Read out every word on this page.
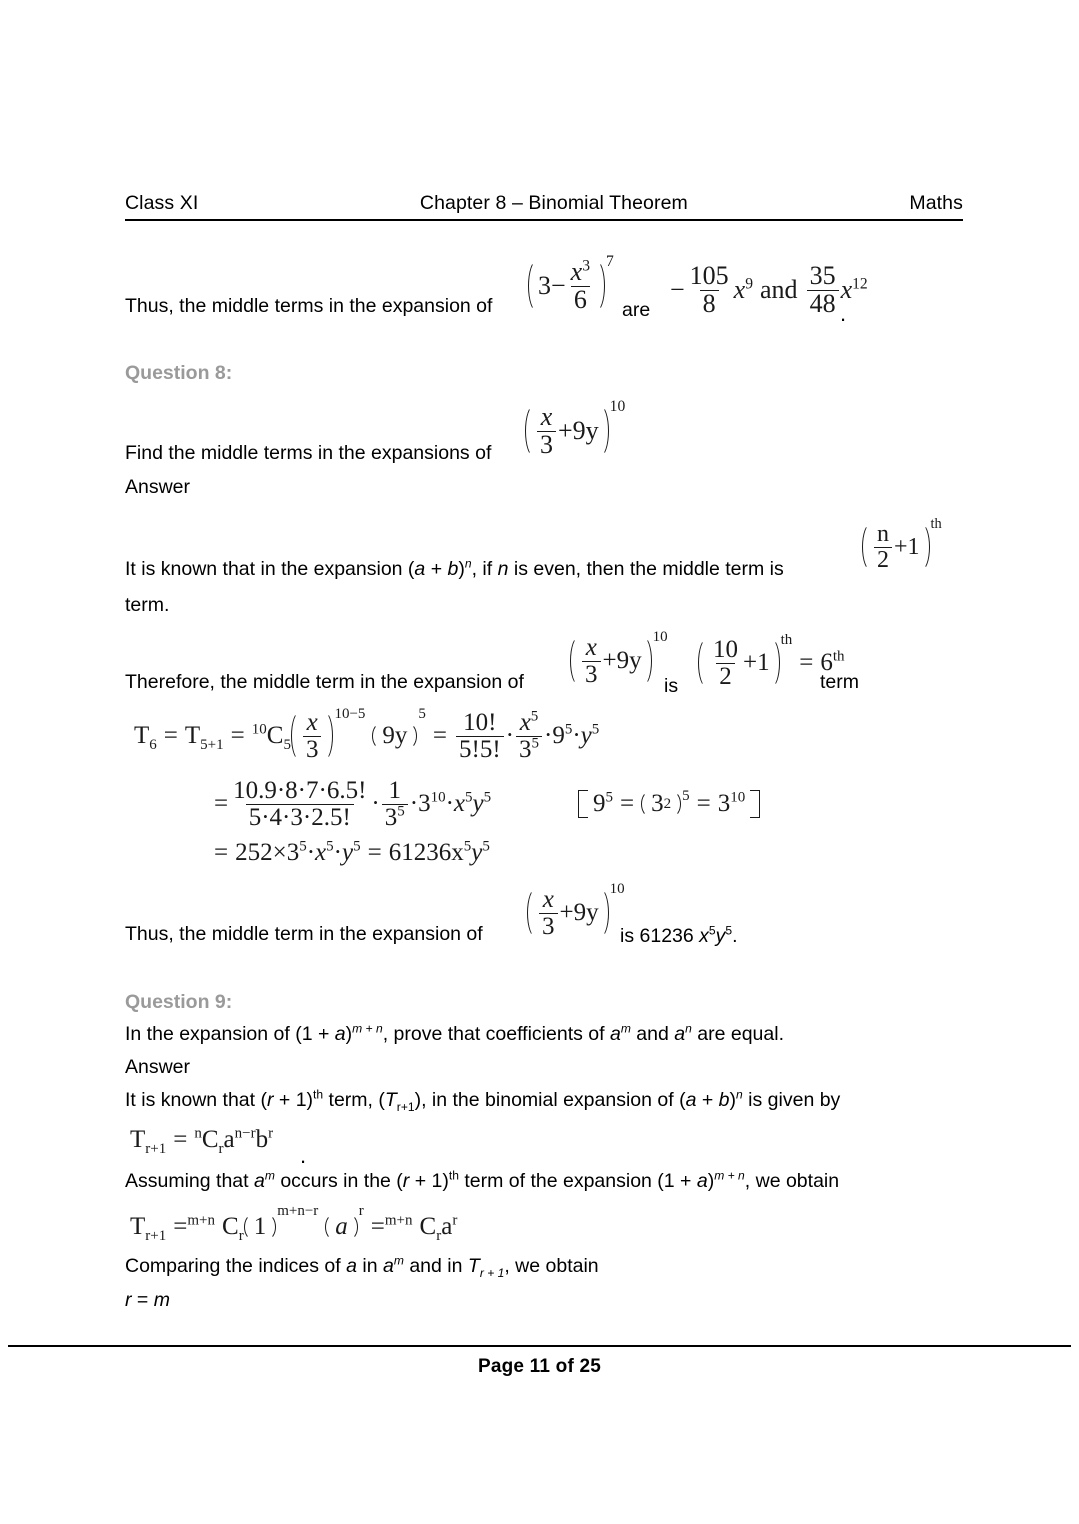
Class XI	Chapter 8 – Binomial Theorem	Maths
Thus, the middle terms in the expansion of
$3 - \frac{x^3}{6} 7$
are
− $\frac{105}{8} x^9$ and $\frac{35}{48} x^{12}$
.
Question 8:
Find the middle terms in the expansions of $\frac{x}{3} +9y$
10
Answer
It is known that in the expansion $(a + b)^n$, if n is even, then the middle term is	$\frac{n}{2} +1$
th
term.
Therefore, the middle term in the expansion of $\frac{x}{3} +9y$
10
is $\frac{10}{2} +1$
th
= 6th
term
$T_6 = T_{5+1} = ^{10}C_5 \frac{x}{3} 10-5$
9y
5
= $\frac{10!}{5!5!} \cdot \frac{x^5}{3^5} \cdot 9^5 \cdot y^5$
= $\frac{10.9\cdot 8\cdot 7\cdot 6.5!}{5\cdot 4\cdot 3\cdot 2.5!} \cdot \frac{1}{3^5} \cdot 3^{10} \cdot x^5y^5$	$9^5 = 3$ 2 $5 = 3^{10}$
= $252 \times 3^5 \cdot x^5 \cdot y^5 = 61236x^5y^5$
Thus, the middle term in the expansion of $\frac{x}{3} +9y$
10
is 61236 $x^5y^5$.
Question 9:
In the expansion of $(1 + a)^{m + n}$, prove that coefficients of $a^m$ and $a^n$ are equal.
Answer
It is known that $(r + 1)^{th}$ term, $(T_{r+1})$, in the binomial expansion of $(a + b)^n$ is given by
$T_{r+1} = ^nC_ra^{n-r}b^r$
.
Assuming that $a^m$ occurs in the $(r + 1)^{th}$ term of the expansion $(1 + a)^{m + n}$, we obtain
$T_{r+1} =^{m+n}$ $C_r$ 1
m+n−r
a
r
=$^{m+n}$ $C_ra^r$
Comparing the indices of a in $a^m$ and in $T_{r + 1}$, we obtain
r = m
Page 11 of 25
